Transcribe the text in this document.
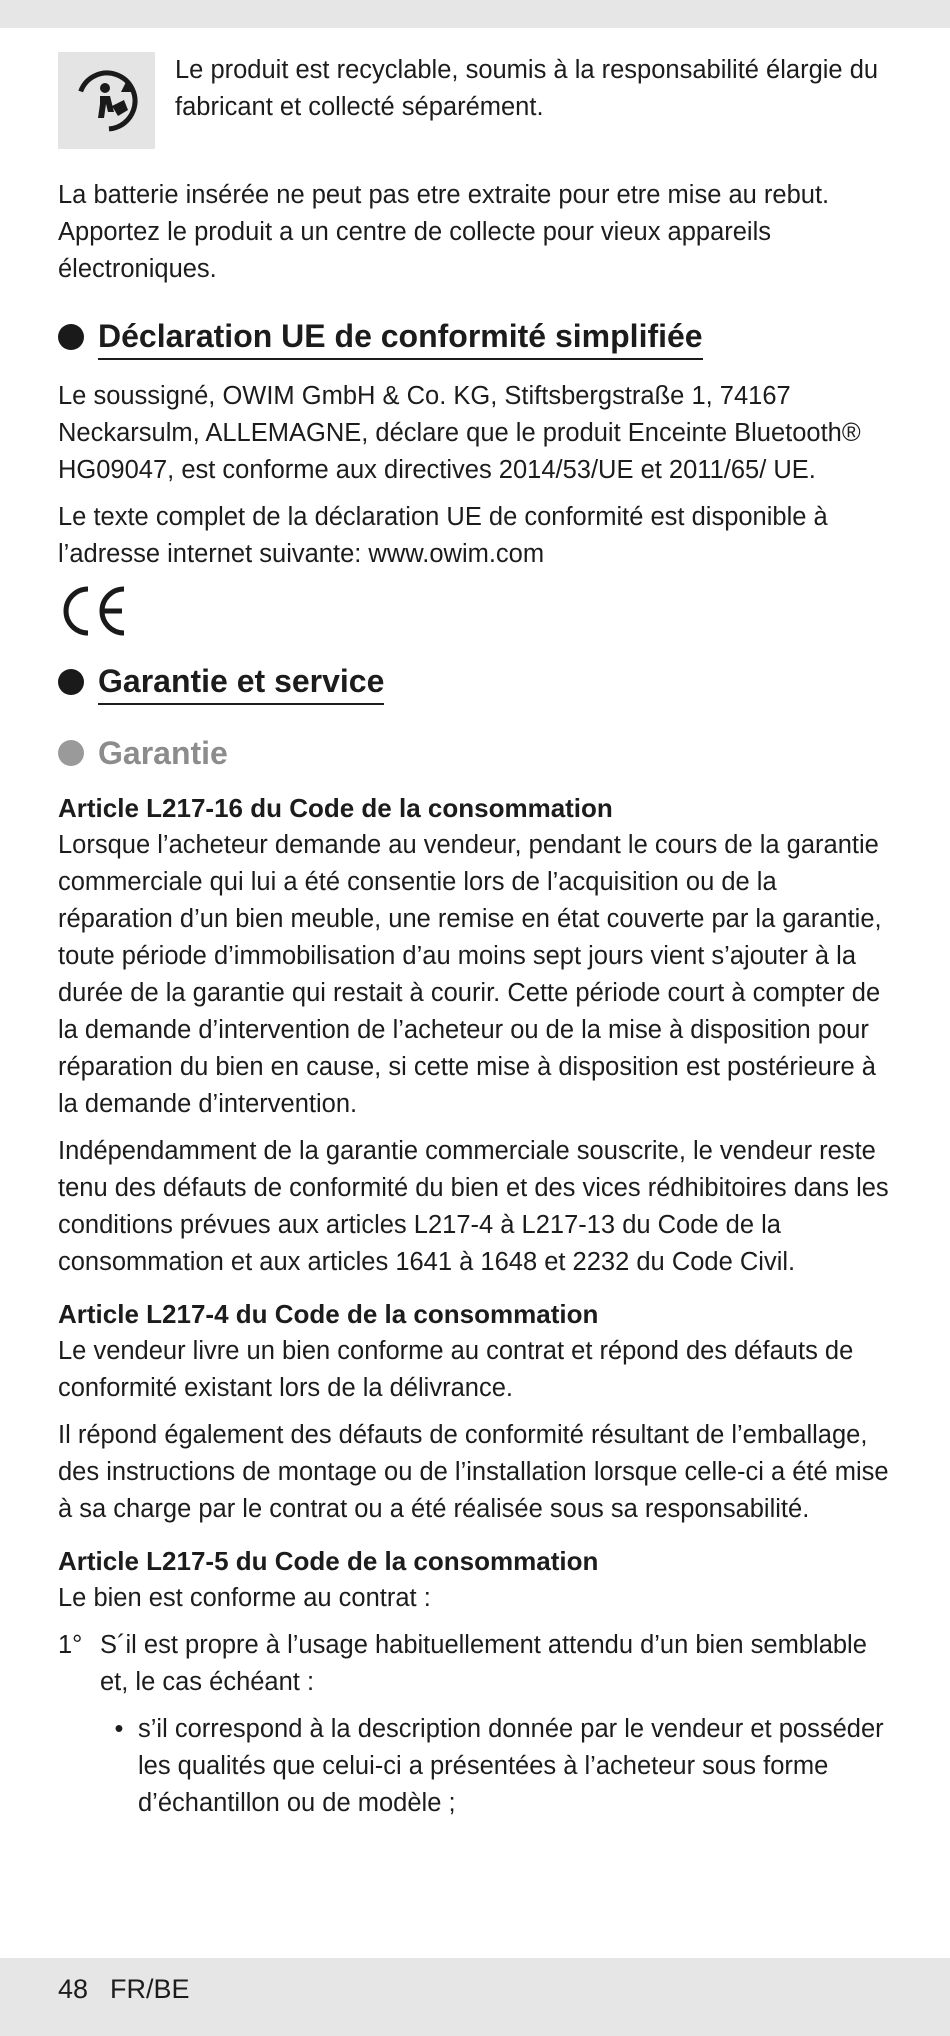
Le produit est recyclable, soumis à la responsabilité élargie du fabricant et collecté séparément.

La batterie insérée ne peut pas etre extraite pour etre mise au rebut. Apportez le produit a un centre de collecte pour vieux appareils électroniques.

Déclaration UE de conformité simplifiée

Le soussigné, OWIM GmbH & Co. KG, Stiftsbergstraße 1, 74167 Neckarsulm, ALLEMAGNE, déclare que le produit Enceinte Bluetooth® HG09047, est conforme aux directives 2014/53/UE et 2011/65/ UE.

Le texte complet de la déclaration UE de conformité est disponible à l’adresse internet suivante: www.owim.com

Garantie et service
Garantie
Article L217-16 du Code de la consommation

Lorsque l’acheteur demande au vendeur, pendant le cours de la garantie commerciale qui lui a été consentie lors de l’acquisition ou de la réparation d’un bien meuble, une remise en état couverte par la garantie, toute période d’immobilisation d’au moins sept jours vient s’ajouter à la durée de la garantie qui restait à courir. Cette période court à compter de la demande d’intervention de l’acheteur ou de la mise à disposition pour réparation du bien en cause, si cette mise à disposition est postérieure à la demande d’intervention.

Indépendamment de la garantie commerciale souscrite, le vendeur reste tenu des défauts de conformité du bien et des vices rédhibitoires dans les conditions prévues aux articles L217-4 à L217-13 du Code de la consommation et aux articles 1641 à 1648 et 2232 du Code Civil.

Article L217-4 du Code de la consommation

Le vendeur livre un bien conforme au contrat et répond des défauts de conformité existant lors de la délivrance.

Il répond également des défauts de conformité résultant de l’emballage, des instructions de montage ou de l’installation lorsque celle-ci a été mise à sa charge par le contrat ou a été réalisée sous sa responsabilité.

Article L217-5 du Code de la consommation

Le bien est conforme au contrat :

1° S´il est propre à l’usage habituellement attendu d’un bien semblable et, le cas échéant :

• s’il correspond à la description donnée par le vendeur et posséder les qualités que celui-ci a présentées à l’acheteur sous forme d’échantillon ou de modèle ;

48 FR/BE
